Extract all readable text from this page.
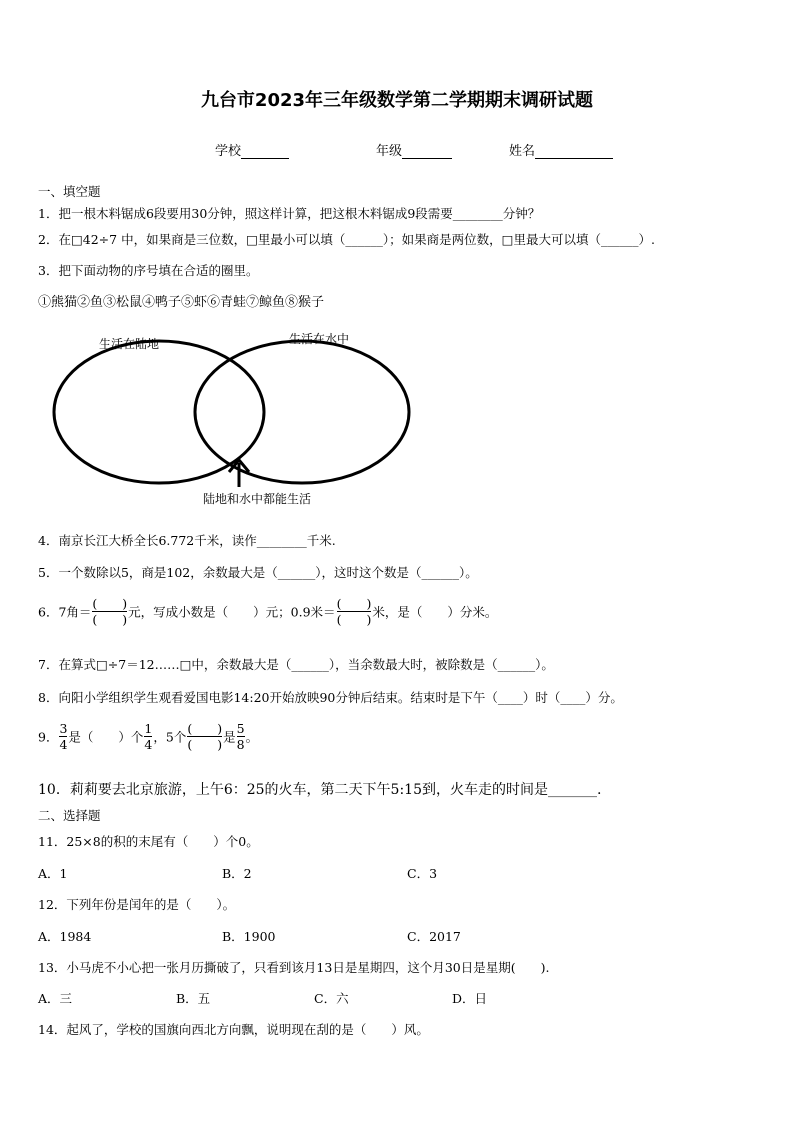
九台市2023年三年级数学第二学期期末调研试题
学校	年级	姓名
一、填空题
1．把一根木料锯成6段要用30分钟，照这样计算，把这根木料锯成9段需要________分钟？
2．在□42÷7 中，如果商是三位数，□里最小可以填（______）；如果商是两位数，□里最大可以填（______）.
3．把下面动物的序号填在合适的圈里。
①熊猫②鱼③松鼠④鸭子⑤虾⑥青蛙⑦鲸鱼⑧猴子
生活在陆地	生活在水中
陆地和水中都能生活
4．南京长江大桥全长6.772千米，读作________千米.
5．一个数除以5，商是102，余数最大是（______），这时这个数是（______）。
6．7角＝ $\frac{( )}{( )}$ 元，写成小数是（　　）元；0.9米＝ $\frac{( )}{( )}$ 米，是（　　）分米。
7．在算式□÷7＝12……□中，余数最大是（______），当余数最大时，被除数是（______）。
8．向阳小学组织学生观看爱国电影14:20开始放映90分钟后结束。结束时是下午（____）时（____）分。
9． $\frac{3}{4}$ 是（　　）个 $\frac{1}{4}$ ，5个 $\frac{( )}{( )}$ 是 $\frac{5}{8}$ 。
10．莉莉要去北京旅游，上午6：25的火车，第二天下午5:15到，火车走的时间是_______.
二、选择题
11．25×8的积的末尾有（　　）个0。
A．1	B．2	C．3
12．下列年份是闰年的是（　　）。
A．1984	B．1900	C．2017
13．小马虎不小心把一张月历撕破了，只看到该月13日是星期四，这个月30日是星期(　　).
A．三	B．五	C．六	D．日
14．起风了，学校的国旗向西北方向飘，说明现在刮的是（　　）风。
